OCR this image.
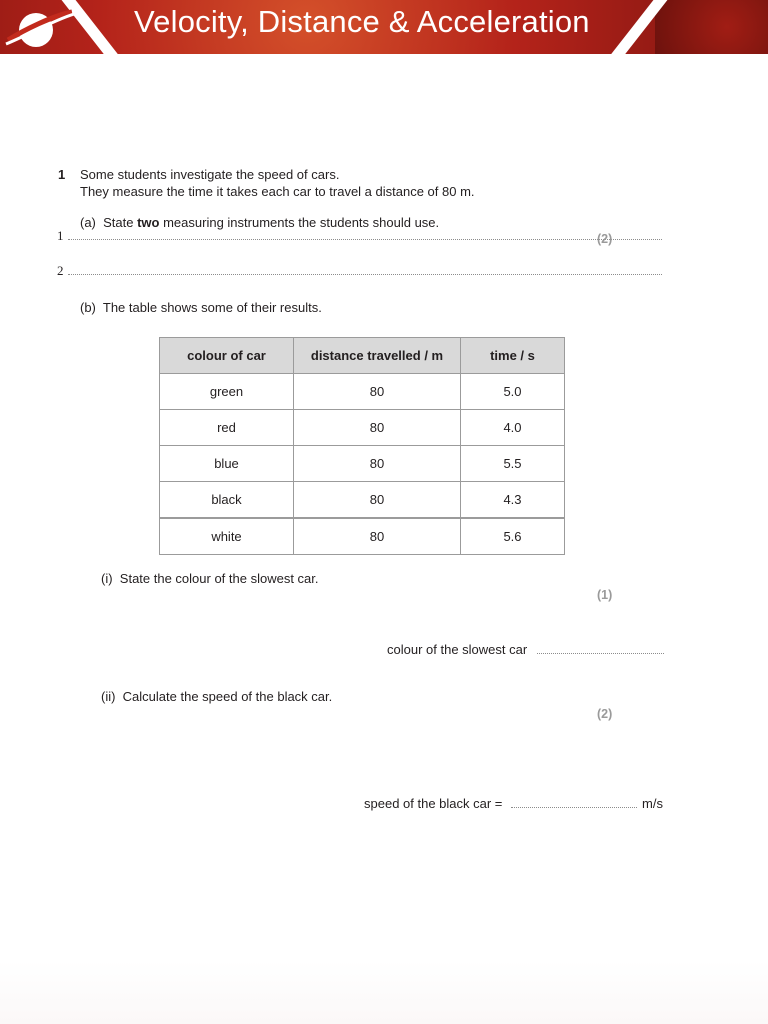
Velocity, Distance & Acceleration
1 Some students investigate the speed of cars.
They measure the time it takes each car to travel a distance of 80 m.
(a) State two measuring instruments the students should use.
1	(2)
2
(b) The table shows some of their results.
colour of car	distance travelled / m	time / s
green	80	5.0
red	80	4.0
blue	80	5.5
black	80	4.3
white	80	5.6
(i) State the colour of the slowest car.
(1)
colour of the slowest car
(ii) Calculate the speed of the black car.
(2)
speed of the black car =	m/s
